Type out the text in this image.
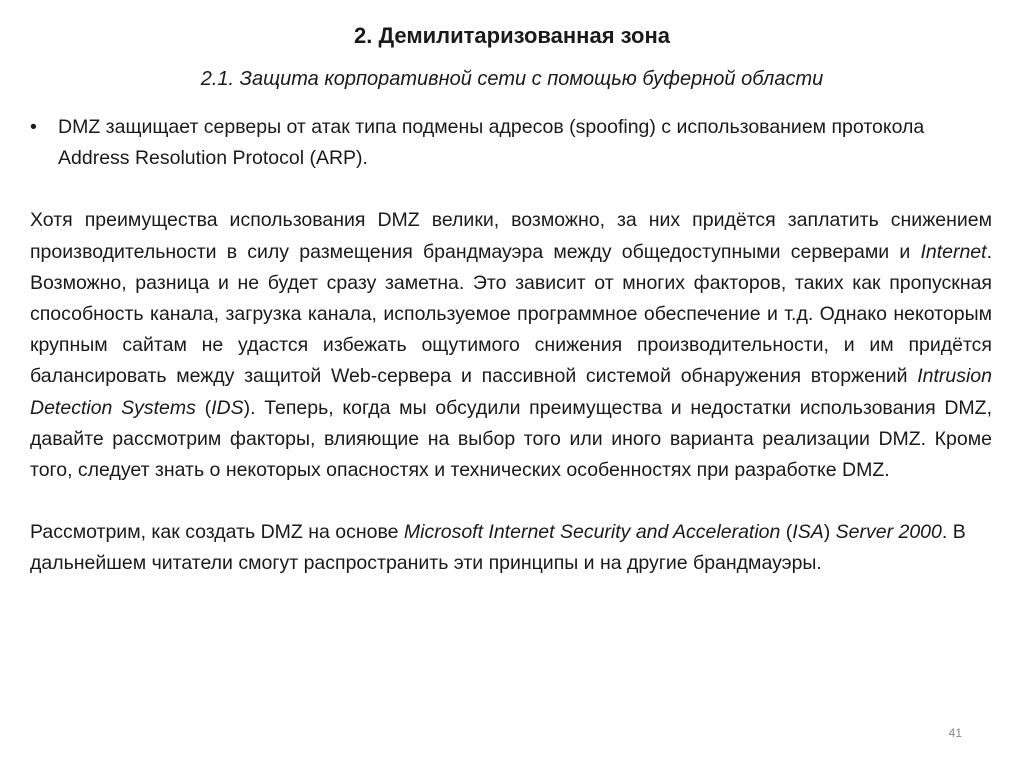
2. Демилитаризованная зона
2.1. Защита корпоративной сети с помощью буферной области
• DMZ защищает серверы от атак типа подмены адресов (spoofing) с использованием протокола Address Resolution Protocol (ARP).
Хотя преимущества использования DMZ велики, возможно, за них придётся заплатить снижением производительности в силу размещения брандмауэра между общедоступными серверами и Internet. Возможно, разница и не будет сразу заметна. Это зависит от многих факторов, таких как пропускная способность канала, загрузка канала, используемое программное обеспечение и т.д. Однако некоторым крупным сайтам не удастся избежать ощутимого снижения производительности, и им придётся балансировать между защитой Web-сервера и пассивной системой обнаружения вторжений Intrusion Detection Systems (IDS). Теперь, когда мы обсудили преимущества и недостатки использования DMZ, давайте рассмотрим факторы, влияющие на выбор того или иного варианта реализации DMZ. Кроме того, следует знать о некоторых опасностях и технических особенностях при разработке DMZ.
Рассмотрим, как создать DMZ на основе Microsoft Internet Security and Acceleration (ISA) Server 2000. В дальнейшем читатели смогут распространить эти принципы и на другие брандмауэры.
41
